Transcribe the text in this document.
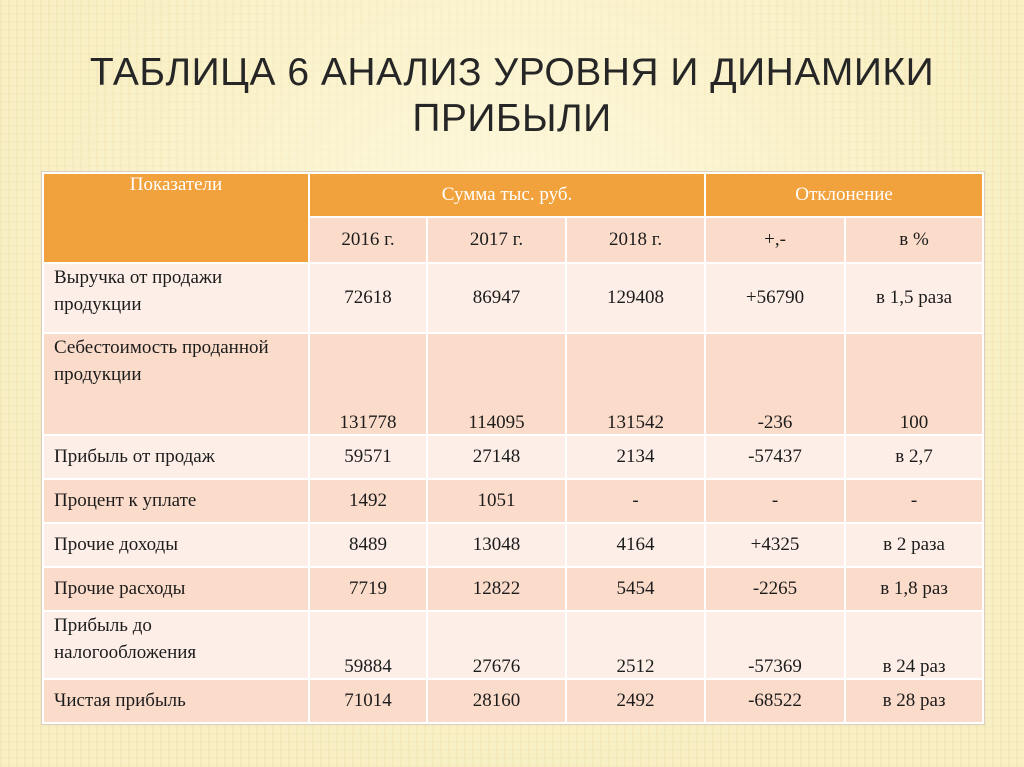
ТАБЛИЦА 6 АНАЛИЗ УРОВНЯ И ДИНАМИКИ
ПРИБЫЛИ
Показатели	Сумма тыс. руб.			Отклонение	
	2016 г.	2017 г.	2018 г.	+,-	в %
Выручка от продажи продукции	72618	86947	129408	+56790	в 1,5 раза
Себестоимость проданной продукции	131778	114095	131542	-236	100
Прибыль от продаж	59571	27148	2134	-57437	в 2,7
Процент к уплате	1492	1051	-	-	-
Прочие доходы	8489	13048	4164	+4325	в 2 раза
Прочие расходы	7719	12822	5454	-2265	в 1,8 раз
Прибыль до налогообложения	59884	27676	2512	-57369	в 24 раз
Чистая прибыль	71014	28160	2492	-68522	в 28 раз
